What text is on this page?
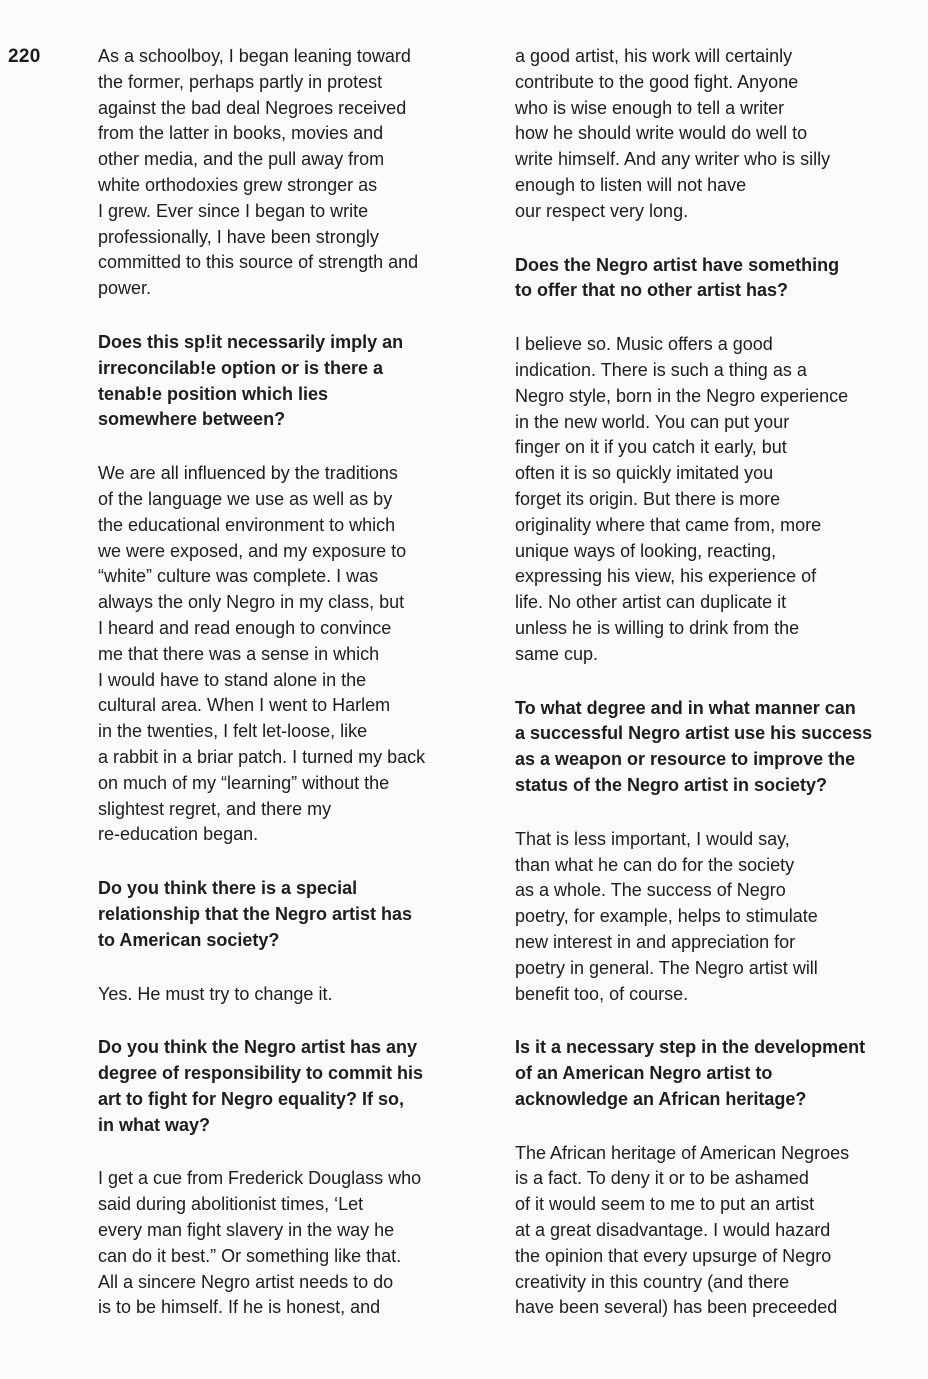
220	As a schoolboy, I began leaning toward
the former, perhaps partly in protest
against the bad deal Negroes received
from the latter in books, movies and
other media, and the pull away from
white orthodoxies grew stronger as
I grew. Ever since I began to write
professionally, I have been strongly
committed to this source of strength and
power.
Does this sp!it necessarily imply an
irreconcilab!e option or is there a
tenab!e position which lies
somewhere between?
We are all influenced by the traditions
of the language we use as well as by
the educational environment to which
we were exposed, and my exposure to
“white” culture was complete. I was
always the only Negro in my class, but
I heard and read enough to convince
me that there was a sense in which
I would have to stand alone in the
cultural area. When I went to Harlem
in the twenties, I felt let-loose, like
a rabbit in a briar patch. I turned my back
on much of my “learning” without the
slightest regret, and there my
re-education began.
Do you think there is a special
relationship that the Negro artist has
to American society?
Yes. He must try to change it.
Do you think the Negro artist has any
degree of responsibility to commit his
art to fight for Negro equality? If so,
in what way?
I get a cue from Frederick Douglass who
said during abolitionist times, ‘Let
every man fight slavery in the way he
can do it best.” Or something like that.
All a sincere Negro artist needs to do
is to be himself. If he is honest, and
a good artist, his work will certainly
contribute to the good fight. Anyone
who is wise enough to tell a writer
how he should write would do well to
write himself. And any writer who is silly
enough to listen will not have
our respect very long.
Does the Negro artist have something
to offer that no other artist has?
I believe so. Music offers a good
indication. There is such a thing as a
Negro style, born in the Negro experience
in the new world. You can put your
finger on it if you catch it early, but
often it is so quickly imitated you
forget its origin. But there is more
originality where that came from, more
unique ways of looking, reacting,
expressing his view, his experience of
life. No other artist can duplicate it
unless he is willing to drink from the
same cup.
To what degree and in what manner can
a successful Negro artist use his success
as a weapon or resource to improve the
status of the Negro artist in society?
That is less important, I would say,
than what he can do for the society
as a whole. The success of Negro
poetry, for example, helps to stimulate
new interest in and appreciation for
poetry in general. The Negro artist will
benefit too, of course.
Is it a necessary step in the development
of an American Negro artist to
acknowledge an African heritage?
The African heritage of American Negroes
is a fact. To deny it or to be ashamed
of it would seem to me to put an artist
at a great disadvantage. I would hazard
the opinion that every upsurge of Negro
creativity in this country (and there
have been several) has been preceeded
